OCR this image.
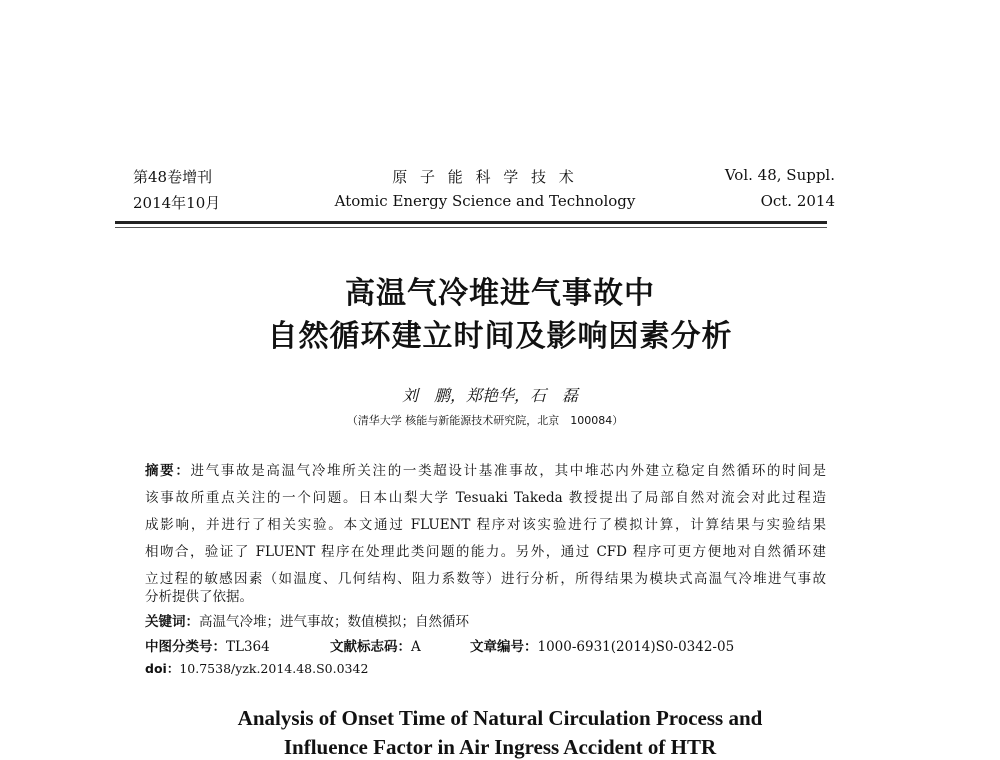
第48卷增刊
2014年10月
原 子 能 科 学 技 术
Atomic Energy Science and Technology
Vol. 48, Suppl.
Oct. 2014
高温气冷堆进气事故中
自然循环建立时间及影响因素分析
刘　鹏，郑艳华，石　磊
（清华大学 核能与新能源技术研究院，北京　100084）
摘要：进气事故是高温气冷堆所关注的一类超设计基准事故，其中堆芯内外建立稳定自然循环的时间是
该事故所重点关注的一个问题。日本山梨大学 Tesuaki Takeda 教授提出了局部自然对流会对此过程造
成影响，并进行了相关实验。本文通过 FLUENT 程序对该实验进行了模拟计算，计算结果与实验结果
相吻合，验证了 FLUENT 程序在处理此类问题的能力。另外，通过 CFD 程序可更方便地对自然循环建
立过程的敏感因素（如温度、几何结构、阻力系数等）进行分析，所得结果为模块式高温气冷堆进气事故
分析提供了依据。
关键词：高温气冷堆；进气事故；数值模拟；自然循环
中图分类号：TL364	文献标志码：A	文章编号：1000-6931(2014)S0-0342-05
doi：10.7538/yzk.2014.48.S0.0342
Analysis of Onset Time of Natural Circulation Process and
Influence Factor in Air Ingress Accident of HTR
